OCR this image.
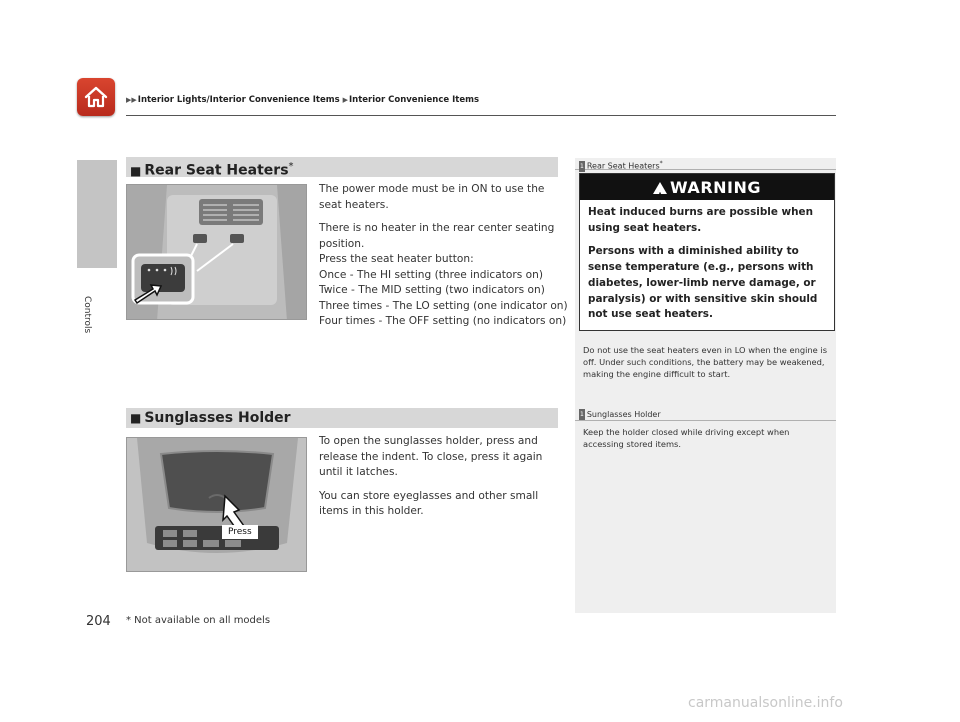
▶▶Interior Lights/Interior Convenience Items ▶Interior Convenience Items
Controls
■ Rear Seat Heaters*

The power mode must be in ON to use the seat heaters.

There is no heater in the rear center seating
position.
Press the seat heater button:
Once - The HI setting (three indicators on)
Twice - The MID setting (two indicators on)
Three times - The LO setting (one indicator on)
Four times - The OFF setting (no indicators on)
1 Rear Seat Heaters*
! WARNING

Heat induced burns are possible when using seat heaters.

Persons with a diminished ability to sense temperature (e.g., persons with diabetes, lower-limb nerve damage, or paralysis) or with sensitive skin should not use seat heaters.

Do not use the seat heaters even in LO when the engine is off. Under such conditions, the battery may be weakened, making the engine difficult to start.
■ Sunglasses Holder
Press

To open the sunglasses holder, press and release the indent. To close, press it again until it latches.

You can store eyeglasses and other small items in this holder.

1 Sunglasses Holder
Keep the holder closed while driving except when accessing stored items.
204 * Not available on all models
carmanualsonline.info
